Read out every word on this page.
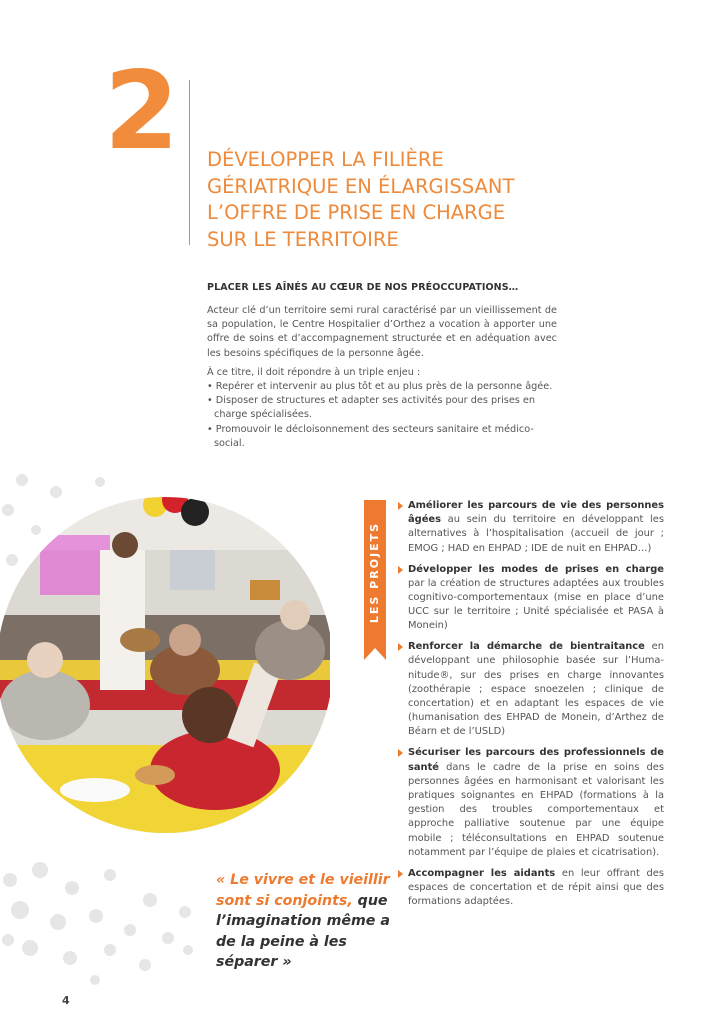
2 DÉVELOPPER LA FILIÈRE GÉRIATRIQUE EN ÉLARGISSANT L’OFFRE DE PRISE EN CHARGE SUR LE TERRITOIRE
PLACER LES AÎNÉS AU CŒUR DE NOS PRÉOCCUPATIONS…

Acteur clé d’un territoire semi rural caractérisé par un vieillissement de sa population, le Centre Hospitalier d’Orthez a vocation à apporter une offre de soins et d’accompagnement structurée et en adéquation avec les besoins spécifiques de la personne âgée.

À ce titre, il doit répondre à un triple enjeu :

• Repérer et intervenir au plus tôt et au plus près de la personne âgée.
• Disposer de structures et adapter ses activités pour des prises en charge spécialisées.
• Promouvoir le décloisonnement des secteurs sanitaire et médico-social.
LES PROJETS
Améliorer les parcours de vie des personnes âgées au sein du territoire en développant les alternatives à l’hospitalisation (accueil de jour ; EMOG ; HAD en EHPAD ; IDE de nuit en EHPAD…)
Développer les modes de prises en charge par la création de structures adaptées aux troubles cognitivo-comportementaux (mise en place d’une UCC sur le territoire ; Unité spécialisée et PASA à Monein)
Renforcer la démarche de bientraitance en développant une philosophie basée sur l’Huma- nitude®, sur des prises en charge innovantes (zoothérapie ; espace snoezelen ; clinique de concertation) et en adaptant les espaces de vie (humanisation des EHPAD de Monein, d’Arthez de Béarn et de l’USLD)
Sécuriser les parcours des professionnels de santé dans le cadre de la prise en soins des personnes âgées en harmonisant et valorisant les pratiques soignantes en EHPAD (formations à la gestion des troubles comportementaux et approche palliative soutenue par une équipe mobile ; téléconsultations en EHPAD soutenue notamment par l’équipe de plaies et cicatrisation).
Accompagner les aidants en leur offrant des espaces de concertation et de répit ainsi que des formations adaptées.

« Le vivre et le vieillir sont si conjoints, que l’imagination même a de la peine à les séparer »

4
